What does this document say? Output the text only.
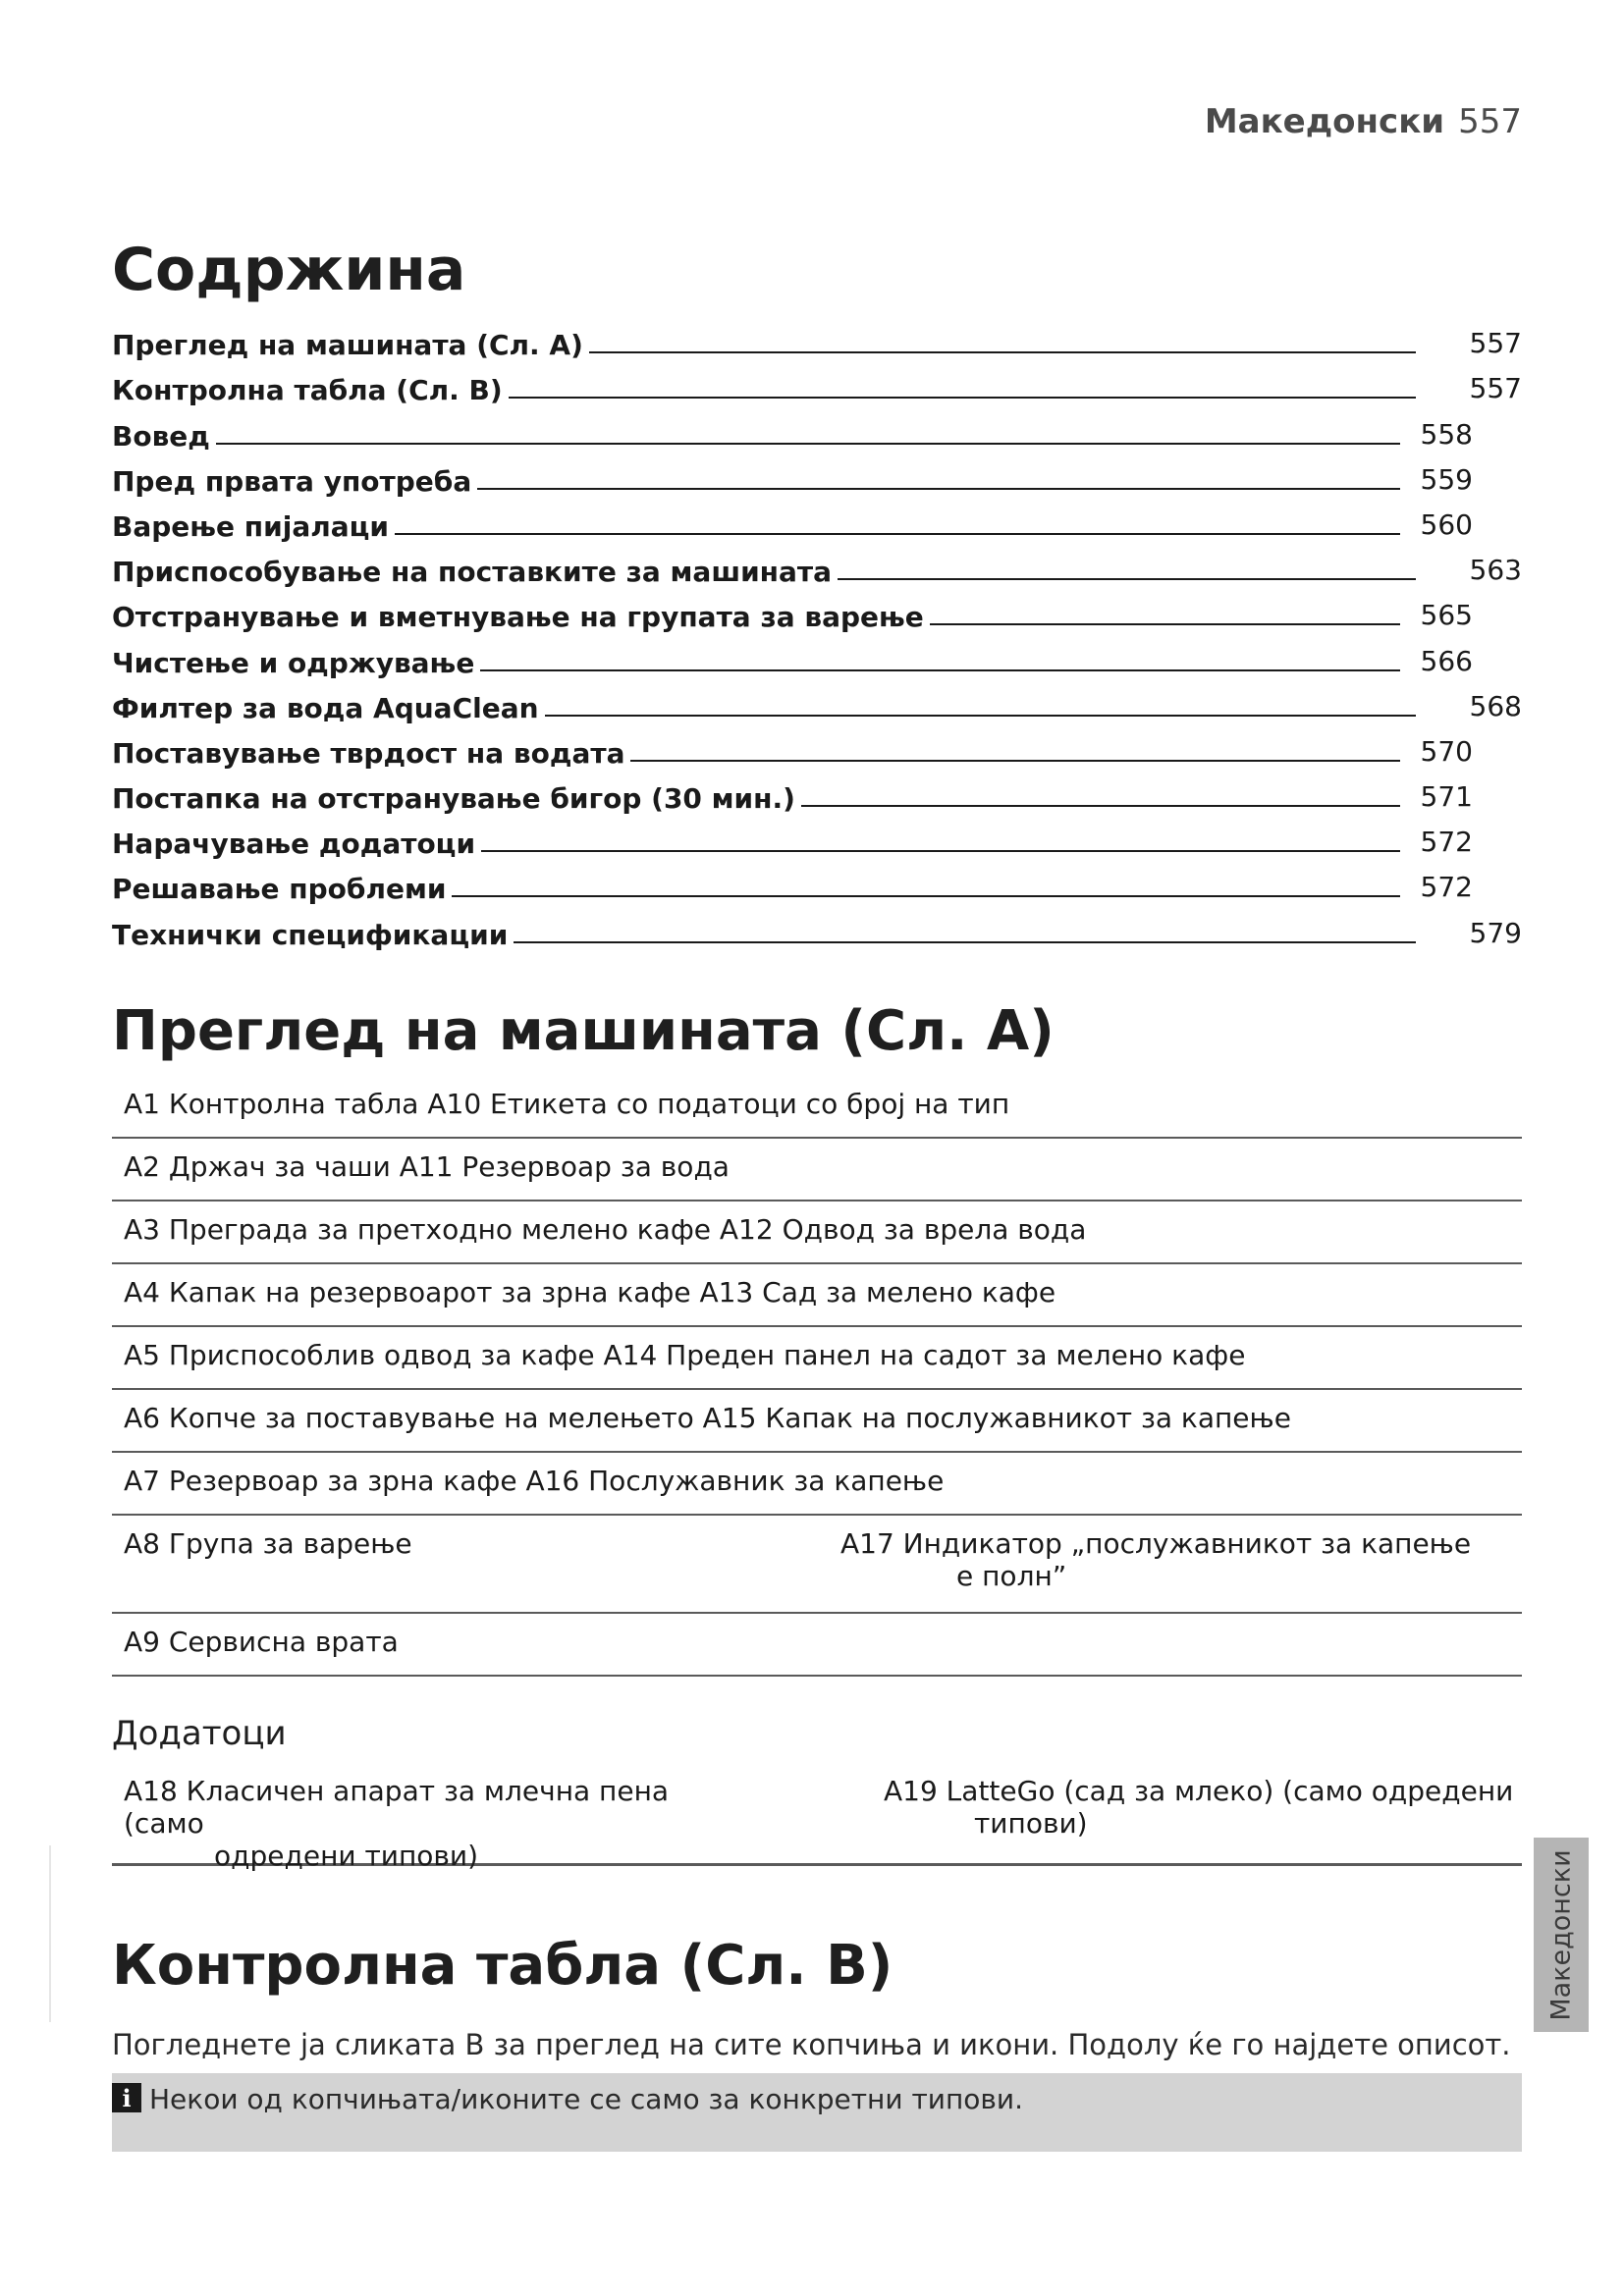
Македонски 557
Содржина
Преглед на машината (Сл. A)	557
Контролна табла (Сл. B)	557
Вовед	558
Пред првата употреба	559
Варење пијалаци	560
Приспособување на поставките за машината	563
Отстранување и вметнување на групата за варење	565
Чистење и одржување	566
Филтер за вода AquaClean	568
Поставување тврдост на водата	570
Постапка на отстранување бигор (30 мин.)	571
Нарачување додатоци	572
Решавање проблеми	572
Технички спецификации	579
Преглед на машината (Сл. A)
A1 Контролна табла A10 Етикета со податоци со број на тип
A2 Држач за чаши A11 Резервоар за вода
A3 Преграда за претходно мелено кафе A12 Одвод за врела вода
A4 Капак на резервоарот за зрна кафе A13 Сад за мелено кафе
A5 Приспособлив одвод за кафе A14 Преден панел на садот за мелено кафе
A6 Копче за поставување на мелењето A15 Капак на послужавникот за капење
A7 Резервоар за зрна кафе A16 Послужавник за капење
A8 Група за варење	A17 Индикатор „послужавникот за капење
е полн”
A9 Сервисна врата
Додатоци
A18 Класичен апарат за млечна пена (само
одредени типови)
A19 LatteGo (сад за млеко) (само одредени
типови)
Македонски
Контролна табла (Сл. B)
Погледнете ја сликата B за преглед на сите копчиња и икони. Подолу ќе го најдете описот.
i Некои од копчињата/иконите се само за конкретни типови.
